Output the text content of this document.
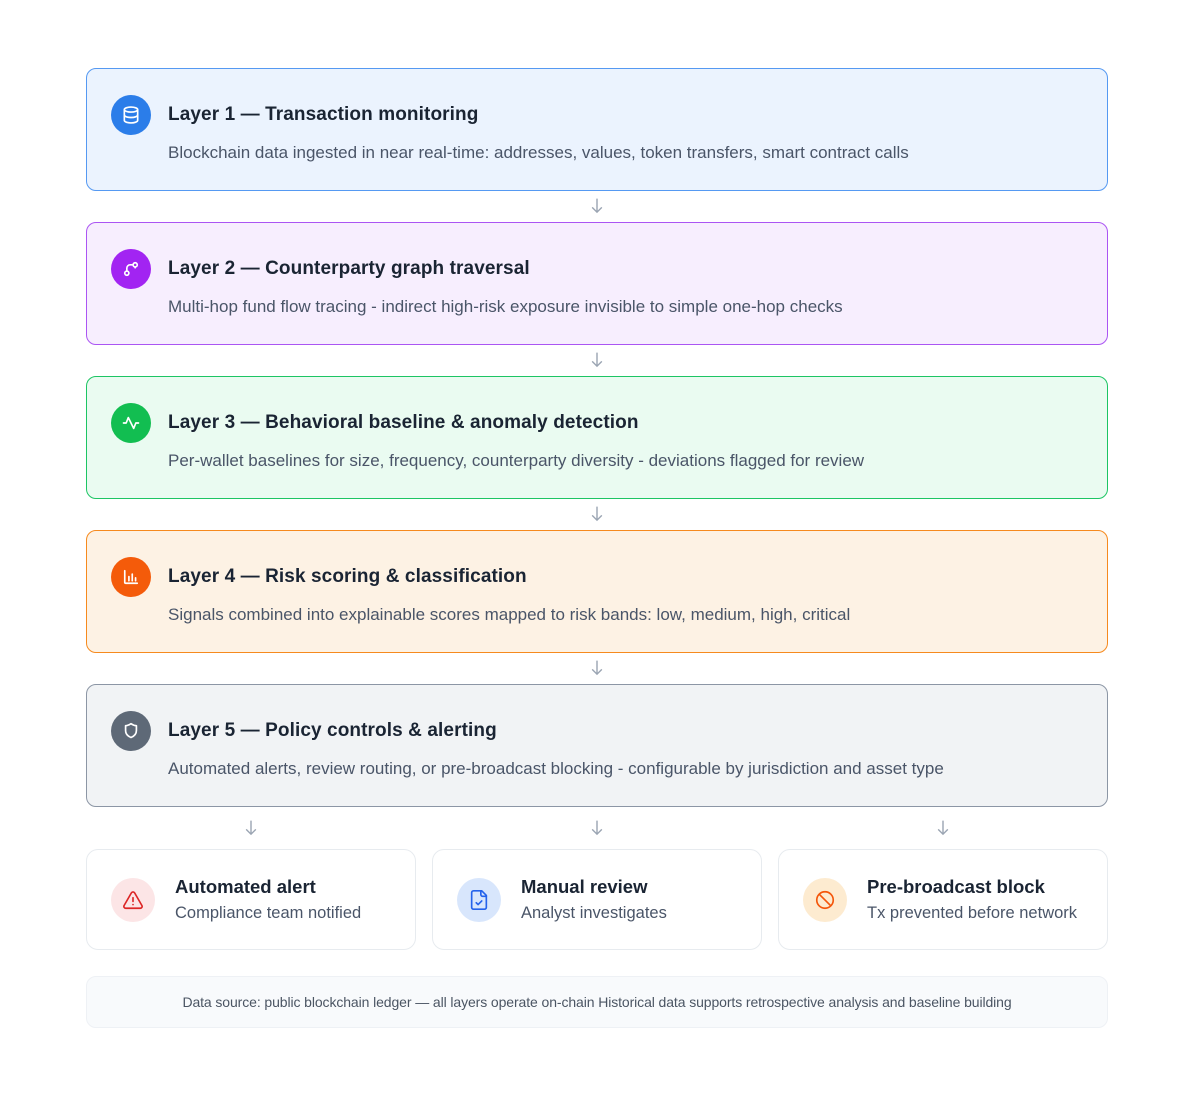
Layer 1 — Transaction monitoring
Blockchain data ingested in near real-time: addresses, values, token transfers, smart contract calls
Layer 2 — Counterparty graph traversal
Multi-hop fund flow tracing - indirect high-risk exposure invisible to simple one-hop checks
Layer 3 — Behavioral baseline & anomaly detection
Per-wallet baselines for size, frequency, counterparty diversity - deviations flagged for review
Layer 4 — Risk scoring & classification
Signals combined into explainable scores mapped to risk bands: low, medium, high, critical
Layer 5 — Policy controls & alerting
Automated alerts, review routing, or pre-broadcast blocking - configurable by jurisdiction and asset type
Automated alert
Compliance team notified
Manual review
Analyst investigates
Pre-broadcast block
Tx prevented before network
Data source: public blockchain ledger — all layers operate on-chain Historical data supports retrospective analysis and baseline building
